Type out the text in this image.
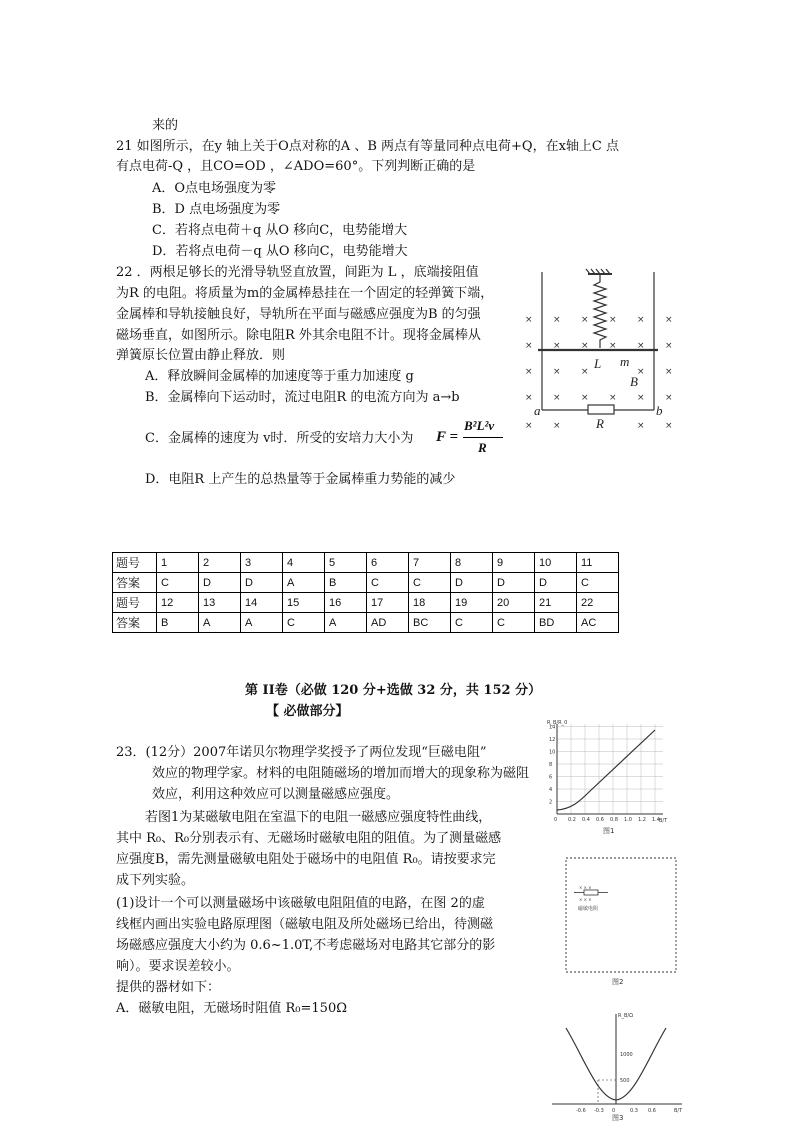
来的
21 如图所示，在y 轴上关于O点对称的A 、B 两点有等量同种点电荷+Q，在x轴上C 点
有点电荷-Q ，且CO=OD ，∠ADO=60°。下列判断正确的是
A．O点电场强度为零
B．D 点电场强度为零
C．若将点电荷＋q 从O 移向C，电势能增大
D．若将点电荷－q 从O 移向C，电势能增大
22 ．两根足够长的光滑导轨竖直放置，间距为 L ，底端接阻值
为R 的电阻。将质量为m的金属棒悬挂在一个固定的轻弹簧下端，
金属棒和导轨接触良好，导轨所在平面与磁感应强度为B 的匀强
磁场垂直，如图所示。除电阻R 外其余电阻不计。现将金属棒从
弹簧原长位置由静止释放．则
A．释放瞬间金属棒的加速度等于重力加速度 g
B．金属棒向下运动时，流过电阻R 的电流方向为 a→b
C．金属棒的速度为 v时．所受的安培力大小为 F =
B²L²v
R
D．电阻R 上产生的总热量等于金属棒重力势能的减少
L m
B
a	b
R
× × × × × ×
× × × × × ×
× × ×	× ×
× × × × × ×
× ×	× ×
题号	1	2	3	4	5	6	7	8	9	10	11
答案	C	D	D	A	B	C	C	D	D	D	C
题号	12	13	14	15	16	17	18	19	20	21	22
答案	B	A	A	C	A	AD	BC	C	C	BD	AC
第 II卷（必做 120 分+选做 32 分，共 152 分）
【 必做部分】
23．(12分）2007年诺贝尔物理学奖授予了两位发现“巨磁电阻”
效应的物理学家。材料的电阻随磁场的增加而增大的现象称为磁阻
效应，利用这种效应可以测量磁感应强度。
若图1为某磁敏电阻在室温下的电阻一磁感应强度特性曲线，
其中 R₀、R₀分别表示有、无磁场时磁敏电阻的阻值。为了测量磁感
应强度B，需先测量磁敏电阻处于磁场中的电阻值 R₀。请按要求完
成下列实验。
(1)设计一个可以测量磁场中该磁敏电阻阻值的电路，在图 2的虚
线框内画出实验电路原理图（磁敏电阻及所处磁场已给出，待测磁
场磁感应强度大小约为 0.6~1.0T,不考虑磁场对电路其它部分的影
响）。要求误差较小。
提供的器材如下：
A．磁敏电阻，无磁场时阻值 R₀=150Ω
2
4
6
8
10
12
14
0 0.2 0.4 0.6 0.8 1.0 1.2 1.4
R_B/R_0
B/T
图1
× × ×
× × ×
磁敏电阻
图2
500
1000
-0.6 -0.3 0	0.3 0.6
R_B/Ω
B/T
图3
